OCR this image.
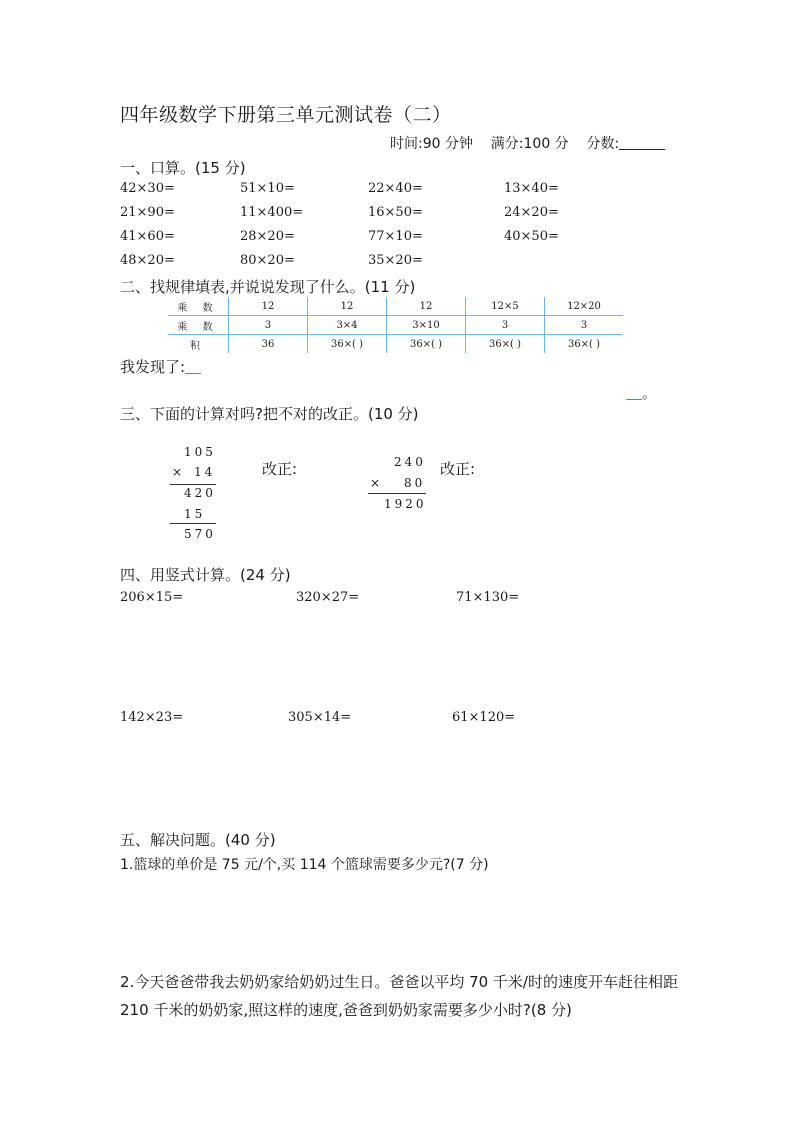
四年级数学下册第三单元测试卷（二）
时间:90 分钟 满分:100 分 分数:
一、口算。(15 分)
42×30=	51×10=	22×40=	13×40=
21×90=	11×400=	16×50=	24×20=
41×60=	28×20=	77×10=	40×50=
48×20=	80×20=	35×20=
二、找规律填表,并说说发现了什么。(11 分)
乘 数	12	12	12	12×5	12×20
乘 数	3	3×4	3×10	3	3
积	36	36×( )	36×( )	36×( )	36×( )
我发现了:
。
三、下面的计算对吗?把不对的改正。(10 分)
105
× 14
420
15
570
改正:	240
× 80
1920
改正:
四、用竖式计算。(24 分)
206×15=	320×27=	71×130=
142×23=	305×14=	61×120=
五、解决问题。(40 分)
1.篮球的单价是 75 元/个,买 114 个篮球需要多少元?(7 分)
2.今天爸爸带我去奶奶家给奶奶过生日。爸爸以平均 70 千米/时的速度开车赶往相距 210 千米的奶奶家,照这样的速度,爸爸到奶奶家需要多少小时?(8 分)
